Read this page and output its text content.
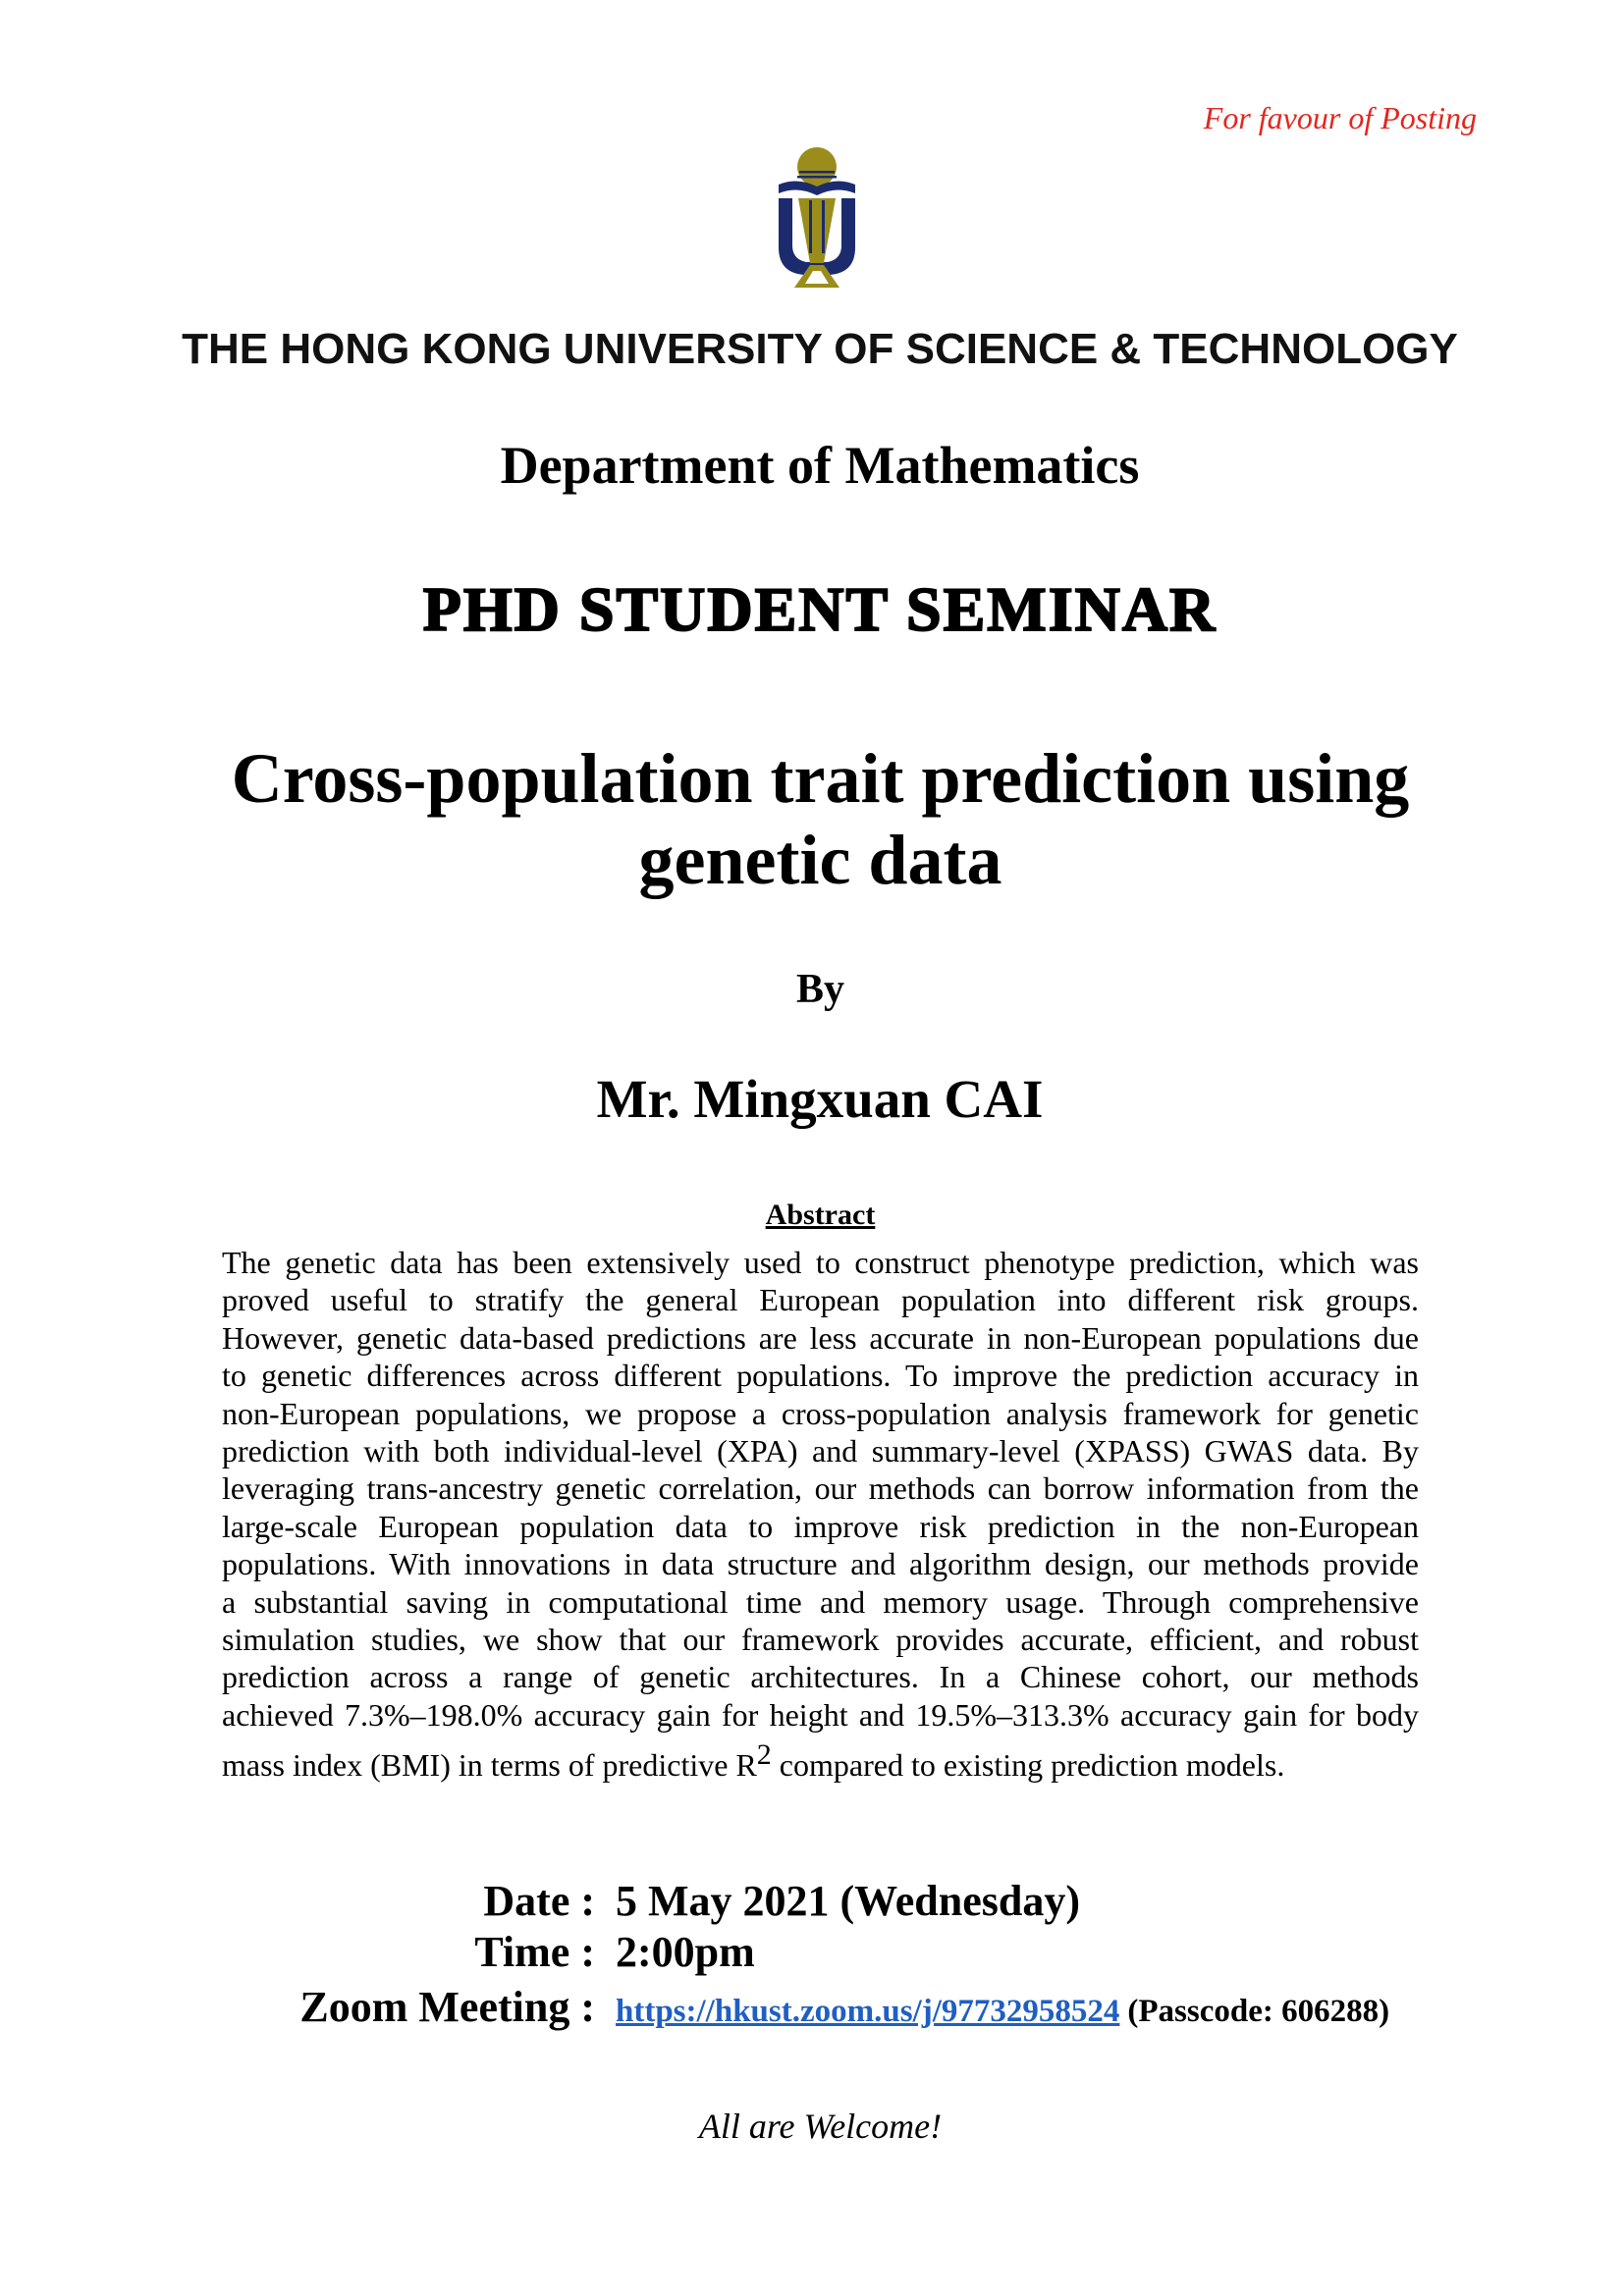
For favour of Posting
THE HONG KONG UNIVERSITY OF SCIENCE & TECHNOLOGY
Department of Mathematics
PHD STUDENT SEMINAR
Cross-population trait prediction using
genetic data
By
Mr. Mingxuan CAI
Abstract
The genetic data has been extensively used to construct phenotype prediction, which was
proved useful to stratify the general European population into different risk groups.
However, genetic data-based predictions are less accurate in non-European populations due
to genetic differences across different populations. To improve the prediction accuracy in
non-European populations, we propose a cross-population analysis framework for genetic
prediction with both individual-level (XPA) and summary-level (XPASS) GWAS data. By
leveraging trans-ancestry genetic correlation, our methods can borrow information from the
large-scale European population data to improve risk prediction in the non-European
populations. With innovations in data structure and algorithm design, our methods provide
a substantial saving in computational time and memory usage. Through comprehensive
simulation studies, we show that our framework provides accurate, efficient, and robust
prediction across a range of genetic architectures. In a Chinese cohort, our methods
achieved 7.3%–198.0% accuracy gain for height and 19.5%–313.3% accuracy gain for body
mass index (BMI) in terms of predictive R2 compared to existing prediction models.
Date : 5 May 2021 (Wednesday)
Time : 2:00pm
Zoom Meeting : https://hkust.zoom.us/j/97732958524 (Passcode: 606288)
All are Welcome!
